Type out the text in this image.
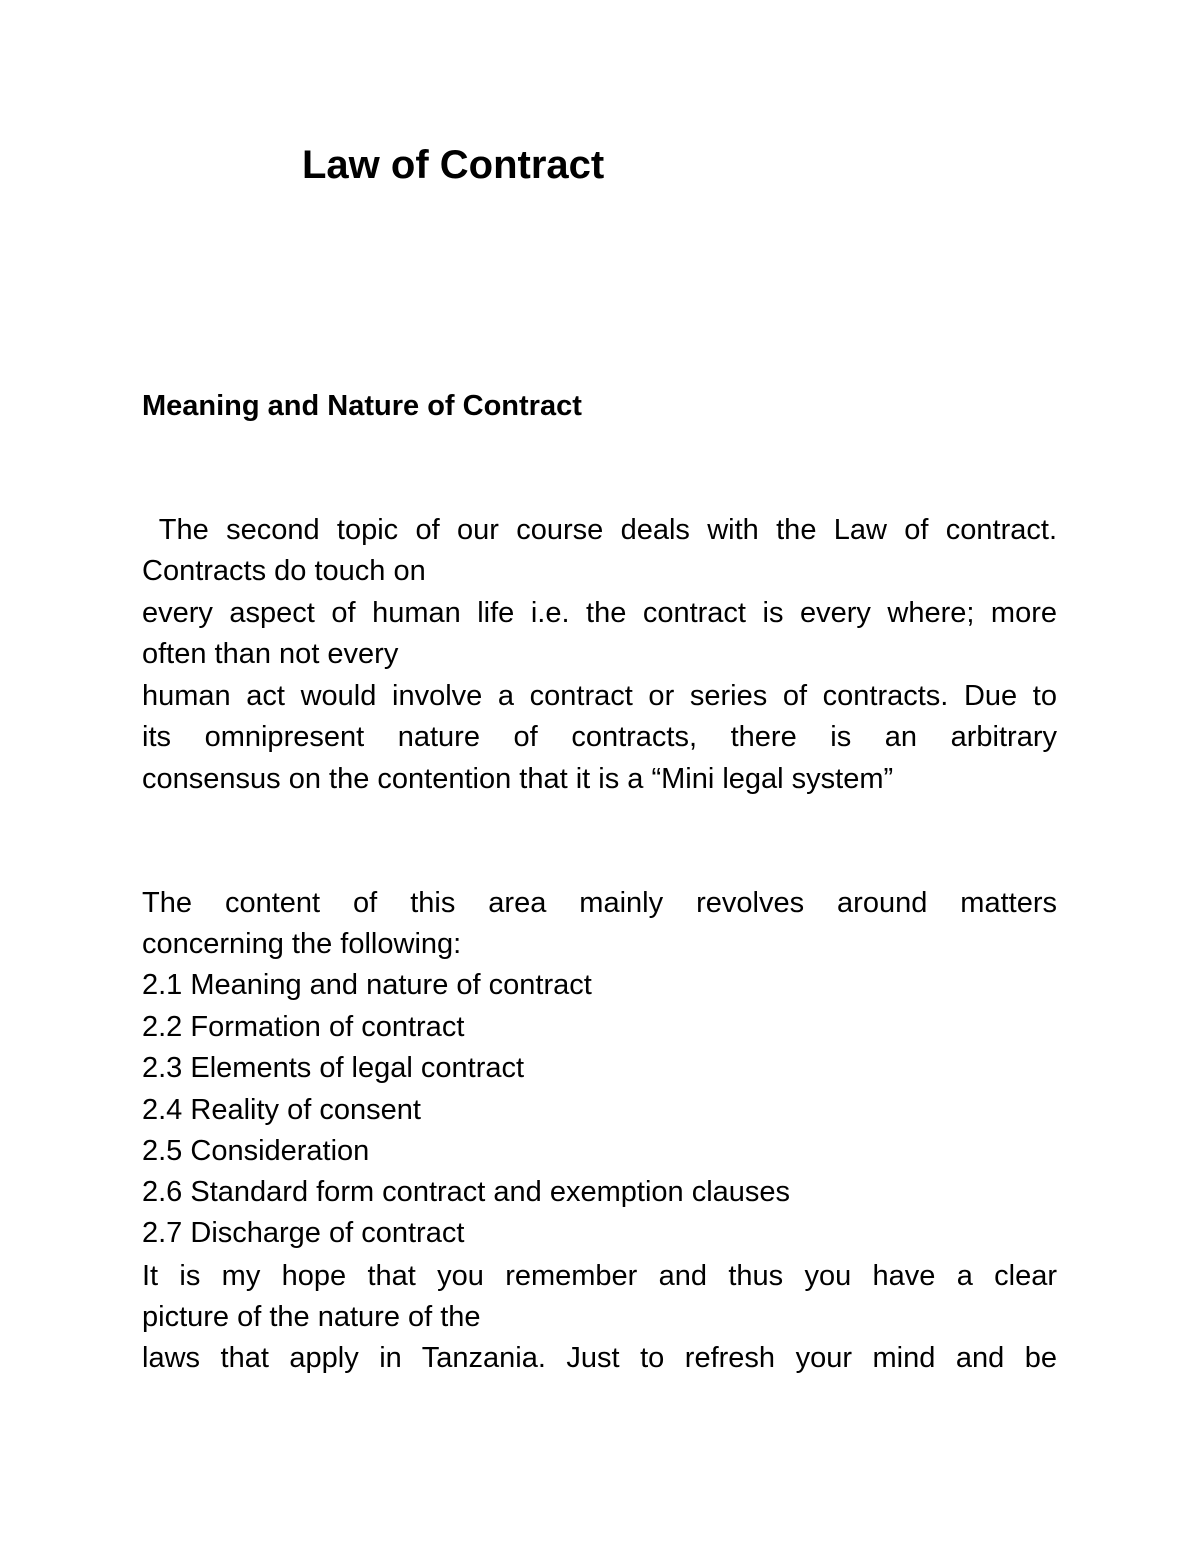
Law of Contract
Meaning and Nature of Contract

The second topic of our course deals with the Law of contract.

Contracts do touch on

every aspect of human life i.e. the contract is every where; more

often than not every

human act would involve a contract or series of contracts. Due to

its omnipresent nature of contracts, there is an arbitrary

consensus on the contention that it is a “Mini legal system”

The content of this area mainly revolves around matters

concerning the following:

2.1 Meaning and nature of contract

2.2 Formation of contract

2.3 Elements of legal contract

2.4 Reality of consent

2.5 Consideration

2.6 Standard form contract and exemption clauses

2.7 Discharge of contract

It is my hope that you remember and thus you have a clear

picture of the nature of the

laws that apply in Tanzania. Just to refresh your mind and be
